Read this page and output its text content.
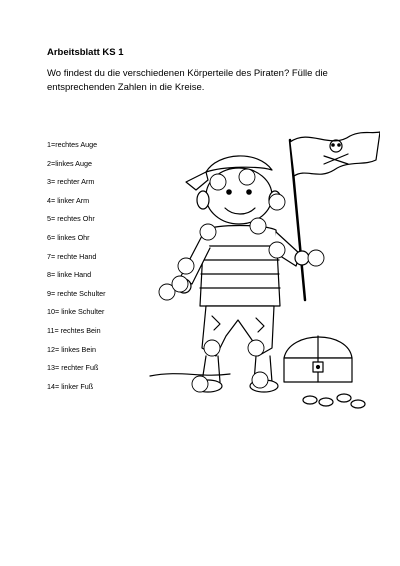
Arbeitsblatt KS 1
Wo findest du die verschiedenen Körperteile des Piraten? Fülle die entsprechenden Zahlen in die Kreise.
1=rechtes Auge
2=linkes Auge
3= rechter Arm
4= linker Arm
5= rechtes Ohr
6= linkes Ohr
7= rechte Hand
8= linke Hand
9= rechte Schulter
10= linke Schulter
11= rechtes Bein
12= linkes Bein
13= rechter Fuß
14= linker Fuß
